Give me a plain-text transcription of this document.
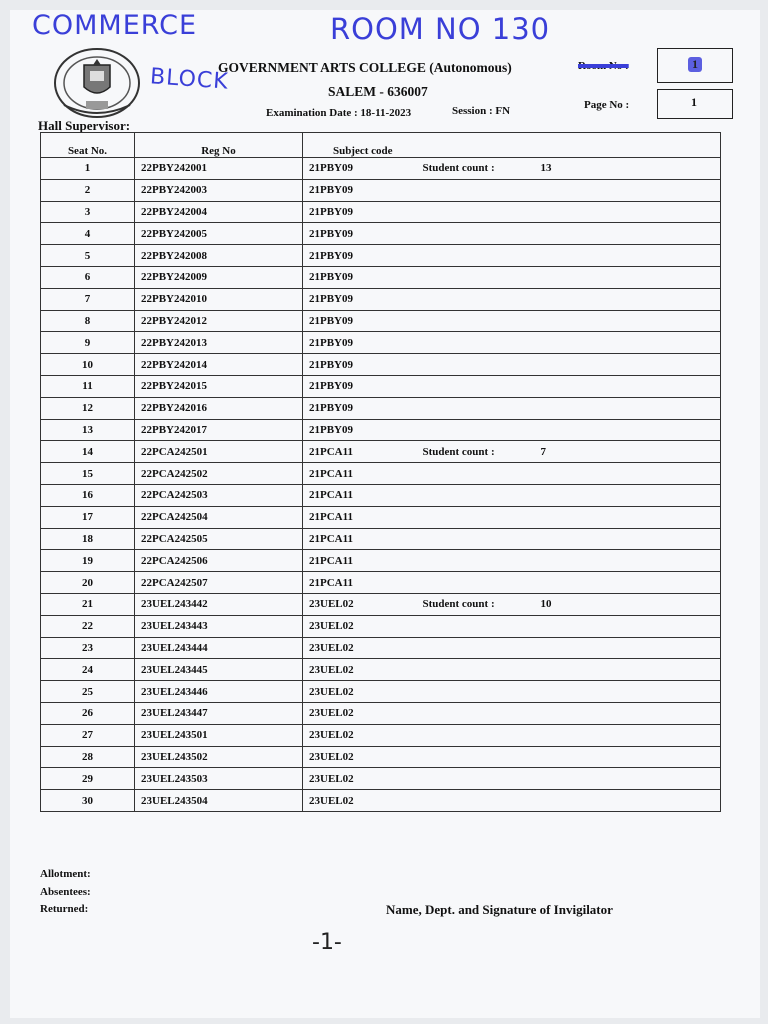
COMMERCE
BLOCK
ROOM NO 130
GOVERNMENT ARTS COLLEGE (Autonomous)
SALEM - 636007
Examination Date : 18-11-2023	Session : FN
Hall Supervisor:
Room No :	1
Page No :	1
Seat No.	Reg No	Subject code	
1	22PBY242001	21PBY09	Student count : 13
2	22PBY242003	21PBY09	
3	22PBY242004	21PBY09	
4	22PBY242005	21PBY09	
5	22PBY242008	21PBY09	
6	22PBY242009	21PBY09	
7	22PBY242010	21PBY09	
8	22PBY242012	21PBY09	
9	22PBY242013	21PBY09	
10	22PBY242014	21PBY09	
11	22PBY242015	21PBY09	
12	22PBY242016	21PBY09	
13	22PBY242017	21PBY09	
14	22PCA242501	21PCA11	Student count : 7
15	22PCA242502	21PCA11	
16	22PCA242503	21PCA11	
17	22PCA242504	21PCA11	
18	22PCA242505	21PCA11	
19	22PCA242506	21PCA11	
20	22PCA242507	21PCA11	
21	23UEL243442	23UEL02	Student count : 10
22	23UEL243443	23UEL02	
23	23UEL243444	23UEL02	
24	23UEL243445	23UEL02	
25	23UEL243446	23UEL02	
26	23UEL243447	23UEL02	
27	23UEL243501	23UEL02	
28	23UEL243502	23UEL02	
29	23UEL243503	23UEL02	
30	23UEL243504	23UEL02	
Allotment:
Absentees:
Returned:	Name, Dept. and Signature of Invigilator
-1-
